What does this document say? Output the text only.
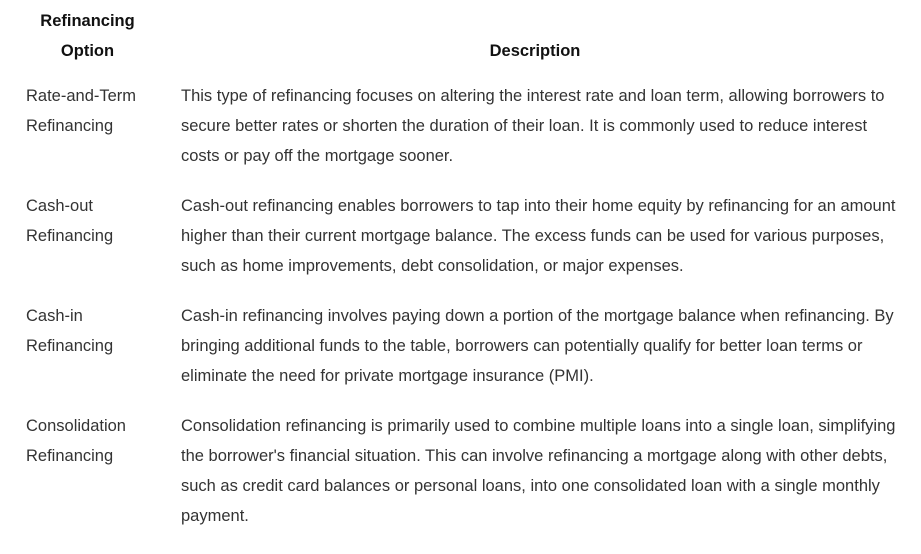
Refinancing
Option	Description
Rate-and-Term
Refinancing	This type of refinancing focuses on altering the interest rate and loan term, allowing borrowers to secure better rates or shorten the duration of their loan. It is commonly used to reduce interest costs or pay off the mortgage sooner.
Cash-out
Refinancing	Cash-out refinancing enables borrowers to tap into their home equity by refinancing for an amount higher than their current mortgage balance. The excess funds can be used for various purposes, such as home improvements, debt consolidation, or major expenses.
Cash-in
Refinancing	Cash-in refinancing involves paying down a portion of the mortgage balance when refinancing. By bringing additional funds to the table, borrowers can potentially qualify for better loan terms or eliminate the need for private mortgage insurance (PMI).
Consolidation
Refinancing	Consolidation refinancing is primarily used to combine multiple loans into a single loan, simplifying the borrower's financial situation. This can involve refinancing a mortgage along with other debts, such as credit card balances or personal loans, into one consolidated loan with a single monthly payment.
